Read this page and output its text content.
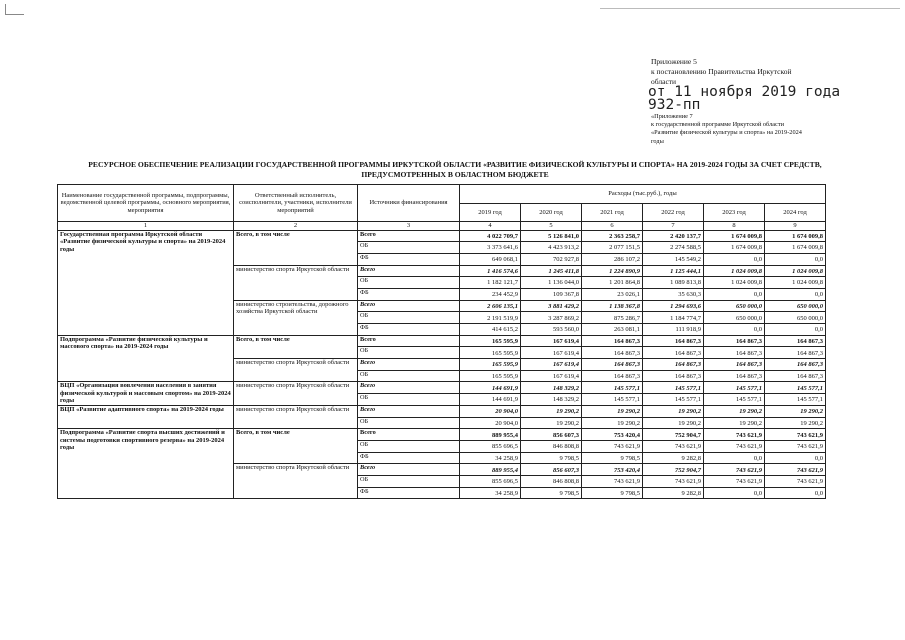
Приложение 5
к постановлению Правительства Иркутской
области
от 11 ноября 2019 года
932-пп
«Приложение 7
к государственной программе Иркутской области
«Развитие физической культуры и спорта» на 2019-2024
годы
РЕСУРСНОЕ ОБЕСПЕЧЕНИЕ РЕАЛИЗАЦИИ ГОСУДАРСТВЕННОЙ ПРОГРАММЫ ИРКУТСКОЙ ОБЛАСТИ «РАЗВИТИЕ ФИЗИЧЕСКОЙ КУЛЬТУРЫ И СПОРТА» НА 2019-2024 ГОДЫ ЗА СЧЕТ СРЕДСТВ,
ПРЕДУСМОТРЕННЫХ В ОБЛАСТНОМ БЮДЖЕТЕ
Наименование государственной программы, подпрограммы, ведомственной целевой программы, основного мероприятия, мероприятия	Ответственный исполнитель, соисполнители, участники, исполнители мероприятий	Источники финансирования	Расходы (тыс.руб.), годы					
			2019 год	2020 год	2021 год	2022 год	2023 год	2024 год
1	2	3	4	5	6	7	8	9
Государственная программа Иркутской области «Развитие физической культуры и спорта» на 2019-2024 годы	Всего, в том числе	Всего	4 022 709,7	5 126 841,0	2 363 258,7	2 420 137,7	1 674 009,8	1 674 009,8
		ОБ	3 373 641,6	4 423 913,2	2 077 151,5	2 274 588,5	1 674 009,8	1 674 009,8
		ФБ	649 068,1	702 927,8	286 107,2	145 549,2	0,0	0,0
	министерство спорта Иркутской области	Всего	1 416 574,6	1 245 411,8	1 224 890,9	1 125 444,1	1 024 009,8	1 024 009,8
		ОБ	1 182 121,7	1 136 044,0	1 201 864,8	1 089 813,8	1 024 009,8	1 024 009,8
		ФБ	234 452,9	109 367,8	23 026,1	35 630,3	0,0	0,0
	министерство строительства, дорожного хозяйства Иркутской области	Всего	2 606 135,1	3 881 429,2	1 138 367,8	1 294 693,6	650 000,0	650 000,0
		ОБ	2 191 519,9	3 287 869,2	875 286,7	1 184 774,7	650 000,0	650 000,0
		ФБ	414 615,2	593 560,0	263 081,1	111 918,9	0,0	0,0
Подпрограмма «Развитие физической культуры и массового спорта» на 2019-2024 годы	Всего, в том числе	Всего	165 595,9	167 619,4	164 867,3	164 867,3	164 867,3	164 867,3
		ОБ	165 595,9	167 619,4	164 867,3	164 867,3	164 867,3	164 867,3
	министерство спорта Иркутской области	Всего	165 595,9	167 619,4	164 867,3	164 867,3	164 867,3	164 867,3
		ОБ	165 595,9	167 619,4	164 867,3	164 867,3	164 867,3	164 867,3
ВЦП «Организация вовлечения населения в занятия физической культурой и массовым спортом» на 2019-2024 годы	министерство спорта Иркутской области	Всего	144 691,9	148 329,2	145 577,1	145 577,1	145 577,1	145 577,1
		ОБ	144 691,9	148 329,2	145 577,1	145 577,1	145 577,1	145 577,1
ВЦП «Развитие адаптивного спорта» на 2019-2024 годы	министерство спорта Иркутской области	Всего	20 904,0	19 290,2	19 290,2	19 290,2	19 290,2	19 290,2
		ОБ	20 904,0	19 290,2	19 290,2	19 290,2	19 290,2	19 290,2
Подпрограмма «Развитие спорта высших достижений и системы подготовки спортивного резерва» на 2019-2024 годы	Всего, в том числе	Всего	889 955,4	856 607,3	753 420,4	752 904,7	743 621,9	743 621,9
		ОБ	855 696,5	846 808,8	743 621,9	743 621,9	743 621,9	743 621,9
		ФБ	34 258,9	9 798,5	9 798,5	9 282,8	0,0	0,0
	министерство спорта Иркутской области	Всего	889 955,4	856 607,3	753 420,4	752 904,7	743 621,9	743 621,9
		ОБ	855 696,5	846 808,8	743 621,9	743 621,9	743 621,9	743 621,9
		ФБ	34 258,9	9 798,5	9 798,5	9 282,8	0,0	0,0
